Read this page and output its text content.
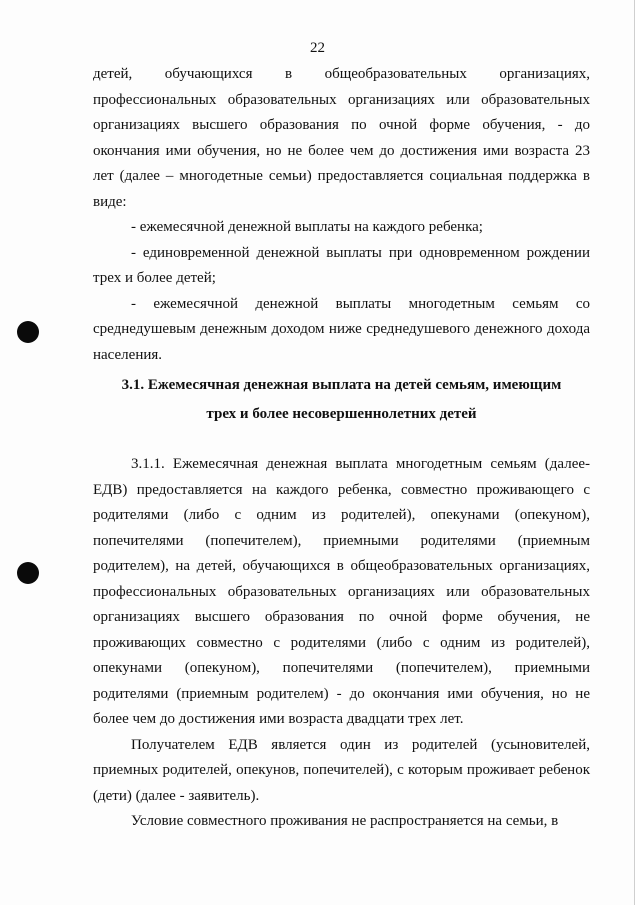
22

детей, обучающихся в общеобразовательных организациях, профессиональных образовательных организациях или образовательных организациях высшего образования по очной форме обучения, - до окончания ими обучения, но не более чем до достижения ими возраста 23 лет (далее – многодетные семьи) предоставляется социальная поддержка в виде:

- ежемесячной денежной выплаты на каждого ребенка;

- единовременной денежной выплаты при одновременном рождении трех и более детей;

- ежемесячной денежной выплаты многодетным семьям со среднедушевым денежным доходом ниже среднедушевого денежного дохода населения.

3.1. Ежемесячная денежная выплата на детей семьям, имеющим
трех и более несовершеннолетних детей

3.1.1. Ежемесячная денежная выплата многодетным семьям (далее-ЕДВ) предоставляется на каждого ребенка, совместно проживающего с родителями (либо с одним из родителей), опекунами (опекуном), попечителями (попечителем), приемными родителями (приемным родителем), на детей, обучающихся в общеобразовательных организациях, профессиональных образовательных организациях или образовательных организациях высшего образования по очной форме обучения, не проживающих совместно с родителями (либо с одним из родителей), опекунами (опекуном), попечителями (попечителем), приемными родителями (приемным родителем) - до окончания ими обучения, но не более чем до достижения ими возраста двадцати трех лет.

Получателем ЕДВ является один из родителей (усыновителей, приемных родителей, опекунов, попечителей), с которым проживает ребенок (дети) (далее - заявитель).

Условие совместного проживания не распространяется на семьи, в
